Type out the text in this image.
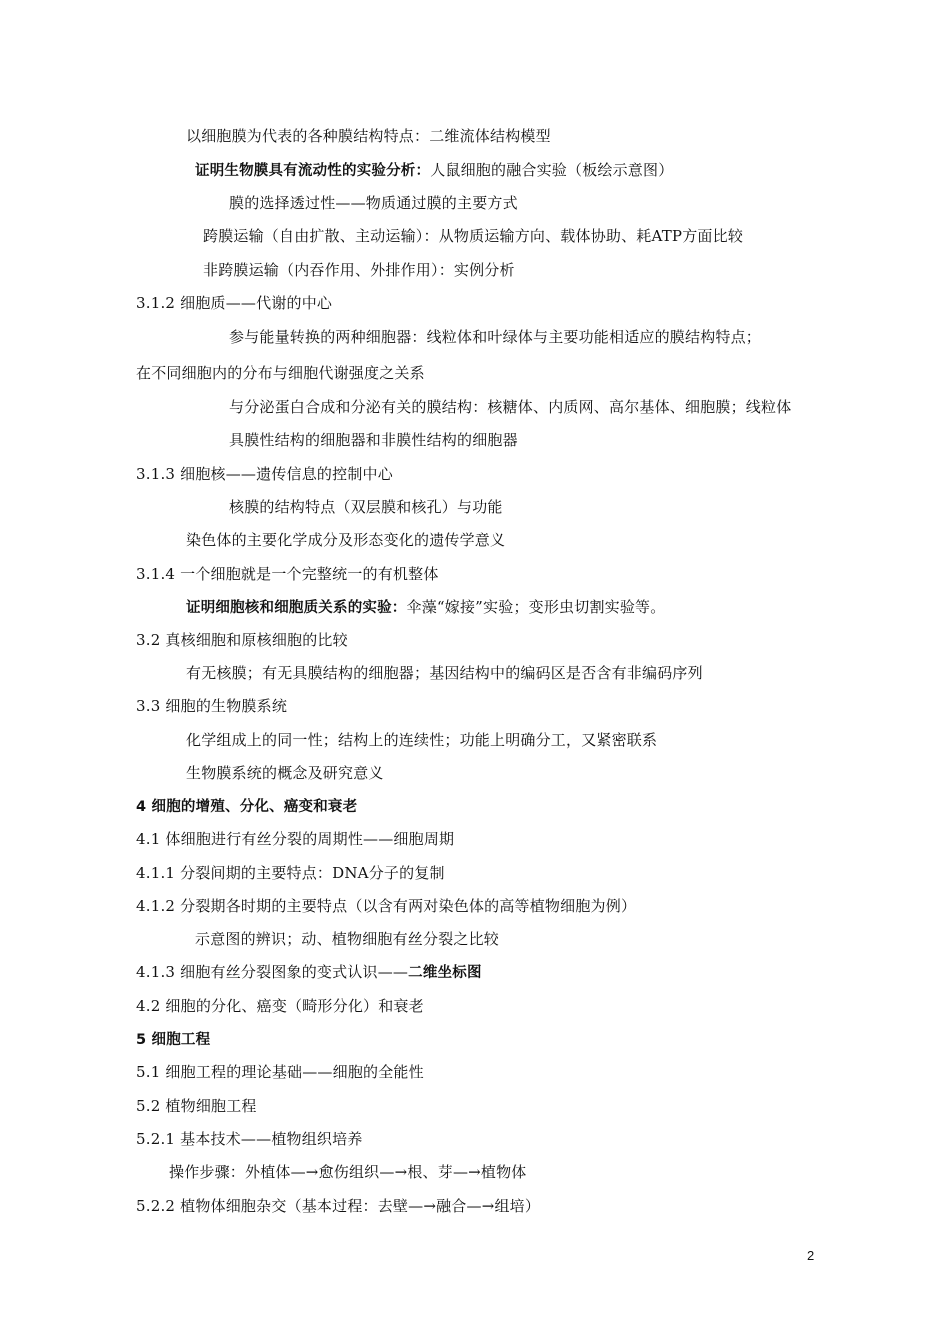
以细胞膜为代表的各种膜结构特点：二维流体结构模型
证明生物膜具有流动性的实验分析：人鼠细胞的融合实验（板绘示意图）
膜的选择透过性——物质通过膜的主要方式
跨膜运输（自由扩散、主动运输）：从物质运输方向、载体协助、耗ATP方面比较
非跨膜运输（内吞作用、外排作用）：实例分析
3.1.2 细胞质——代谢的中心
参与能量转换的两种细胞器：线粒体和叶绿体与主要功能相适应的膜结构特点；
在不同细胞内的分布与细胞代谢强度之关系
与分泌蛋白合成和分泌有关的膜结构：核糖体、内质网、高尔基体、细胞膜；线粒体
具膜性结构的细胞器和非膜性结构的细胞器
3.1.3 细胞核——遗传信息的控制中心
核膜的结构特点（双层膜和核孔）与功能
染色体的主要化学成分及形态变化的遗传学意义
3.1.4 一个细胞就是一个完整统一的有机整体
证明细胞核和细胞质关系的实验：伞藻“嫁接”实验；变形虫切割实验等。
3.2 真核细胞和原核细胞的比较
有无核膜；有无具膜结构的细胞器；基因结构中的编码区是否含有非编码序列
3.3 细胞的生物膜系统
化学组成上的同一性；结构上的连续性；功能上明确分工，又紧密联系
生物膜系统的概念及研究意义
4 细胞的增殖、分化、癌变和衰老
4.1 体细胞进行有丝分裂的周期性——细胞周期
4.1.1 分裂间期的主要特点：DNA分子的复制
4.1.2 分裂期各时期的主要特点（以含有两对染色体的高等植物细胞为例）
示意图的辨识；动、植物细胞有丝分裂之比较
4.1.3 细胞有丝分裂图象的变式认识——二维坐标图
4.2 细胞的分化、癌变（畸形分化）和衰老
5 细胞工程
5.1 细胞工程的理论基础——细胞的全能性
5.2 植物细胞工程
5.2.1 基本技术——植物组织培养
操作步骤：外植体—→愈伤组织—→根、芽—→植物体
5.2.2 植物体细胞杂交（基本过程：去壁—→融合—→组培）
2
